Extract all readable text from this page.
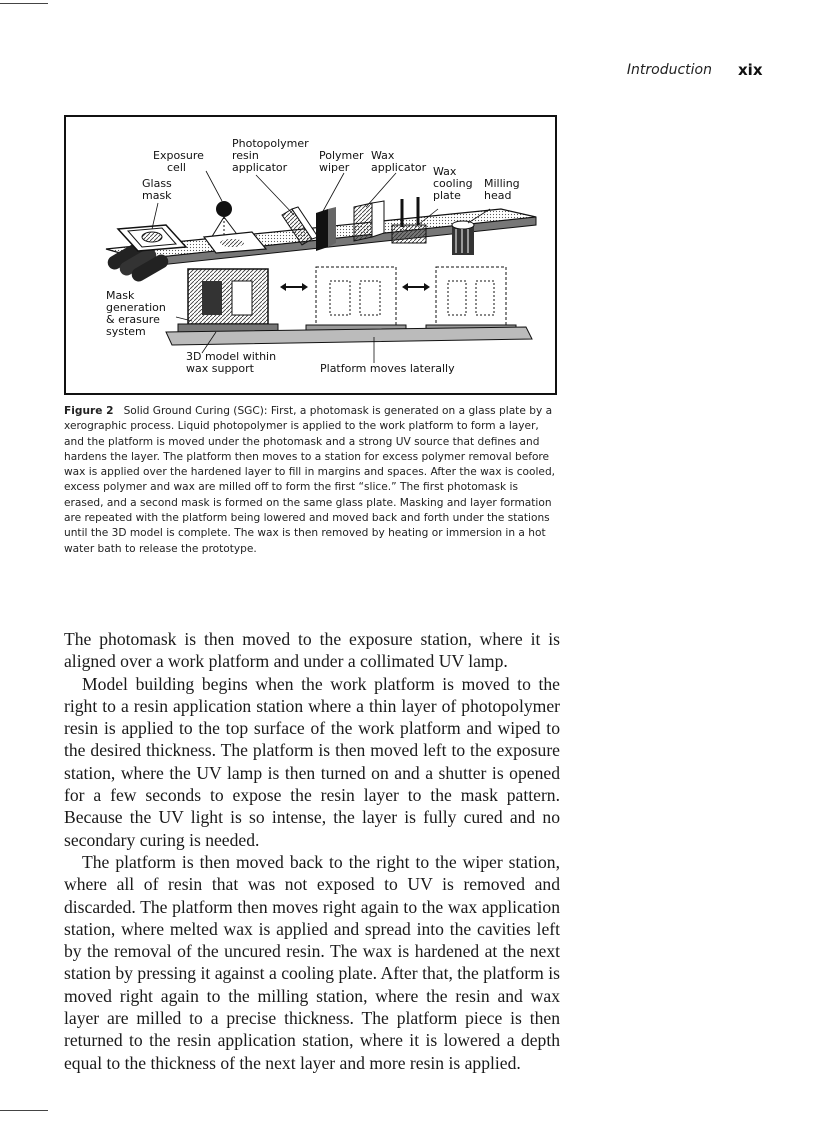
Introduction xix
Photopolymer
resin
applicator
Exposure
cell
Polymer
wiper
Wax
applicator Wax
cooling
plate
Milling
head
Glass
mask
Mask
generation
& erasure
system
3D model within
wax support	Platform moves laterally

Figure 2 Solid Ground Curing (SGC): First, a photomask is generated on a glass plate by a xerographic process. Liquid photopolymer is applied to the work platform to form a layer, and the platform is moved under the photomask and a strong UV source that defines and hardens the layer. The platform then moves to a station for excess polymer removal before wax is applied over the hardened layer to fill in margins and spaces. After the wax is cooled, excess polymer and wax are milled off to form the first “slice.” The first photomask is erased, and a second mask is formed on the same glass plate. Masking and layer formation are repeated with the platform being lowered and moved back and forth under the stations until the 3D model is complete. The wax is then removed by heating or immersion in a hot water bath to release the prototype.

The photomask is then moved to the exposure station, where it is aligned over a work platform and under a collimated UV lamp.

Model building begins when the work platform is moved to the right to a resin application station where a thin layer of photopolymer resin is applied to the top surface of the work platform and wiped to the desired thickness. The platform is then moved left to the exposure station, where the UV lamp is then turned on and a shutter is opened for a few seconds to expose the resin layer to the mask pattern. Because the UV light is so intense, the layer is fully cured and no secondary curing is needed.

The platform is then moved back to the right to the wiper station, where all of resin that was not exposed to UV is removed and discarded. The platform then moves right again to the wax application station, where melted wax is applied and spread into the cavities left by the removal of the uncured resin. The wax is hardened at the next station by pressing it against a cooling plate. After that, the platform is moved right again to the milling station, where the resin and wax layer are milled to a precise thickness. The platform piece is then returned to the resin application station, where it is lowered a depth equal to the thickness of the next layer and more resin is applied.
